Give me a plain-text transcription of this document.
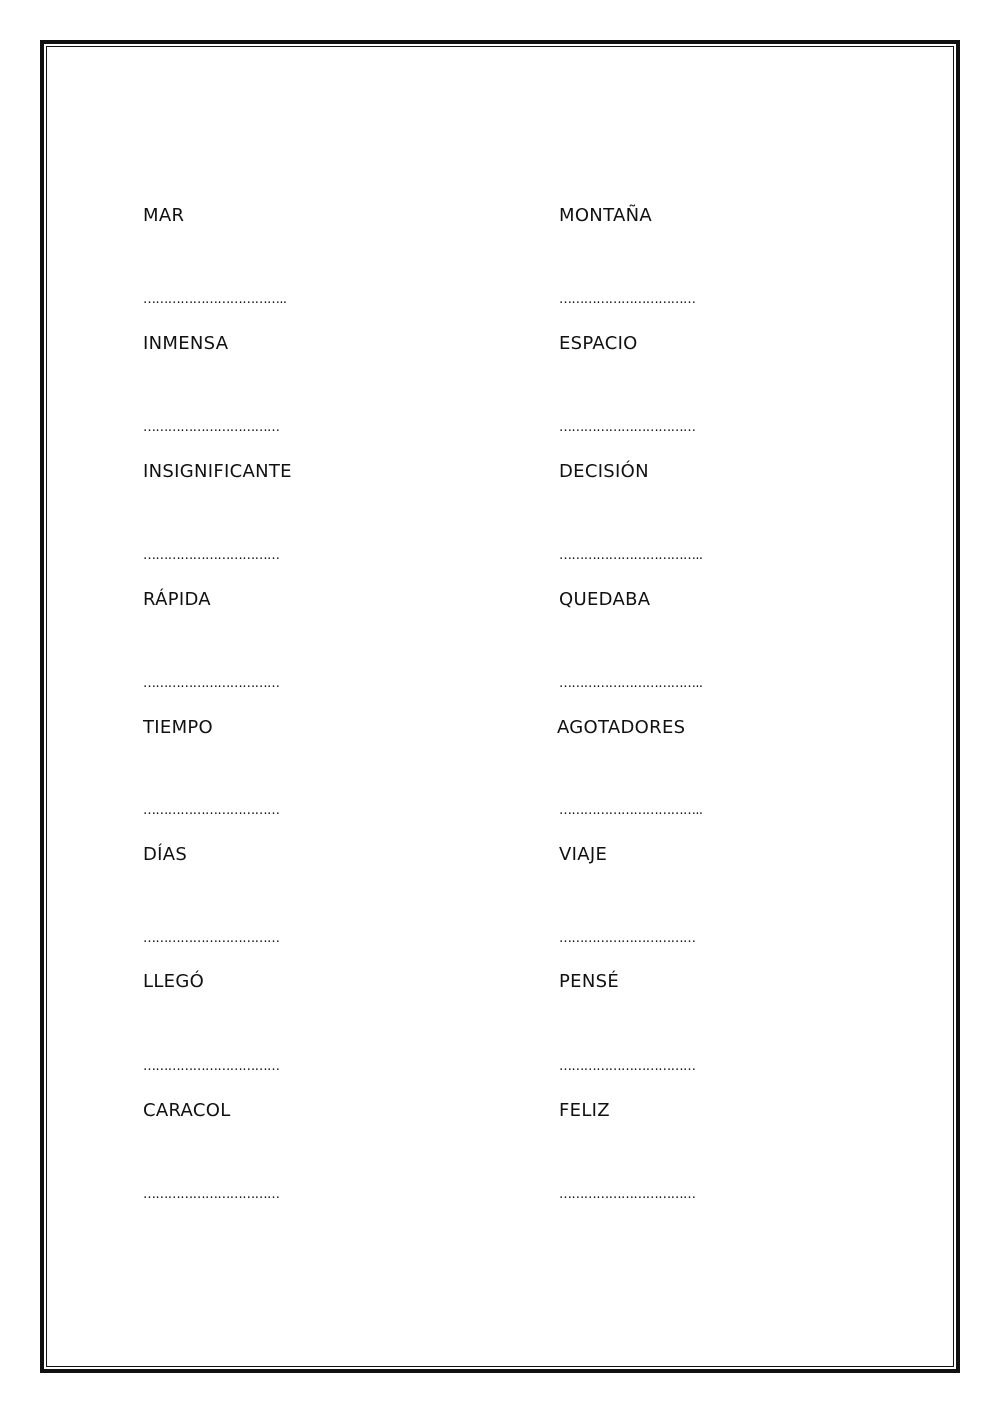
MAR
……………………………..
INMENSA
……………………………
INSIGNIFICANTE
……………………………
RÁPIDA
……………………………
TIEMPO
……………………………
DÍAS
……………………………
LLEGÓ
……………………………
CARACOL
……………………………
MONTAÑA
……………………………
ESPACIO
……………………………
DECISIÓN
……………………………..
QUEDABA
……………………………..
AGOTADORES
……………………………..
VIAJE
……………………………
PENSÉ
……………………………
FELIZ
……………………………
